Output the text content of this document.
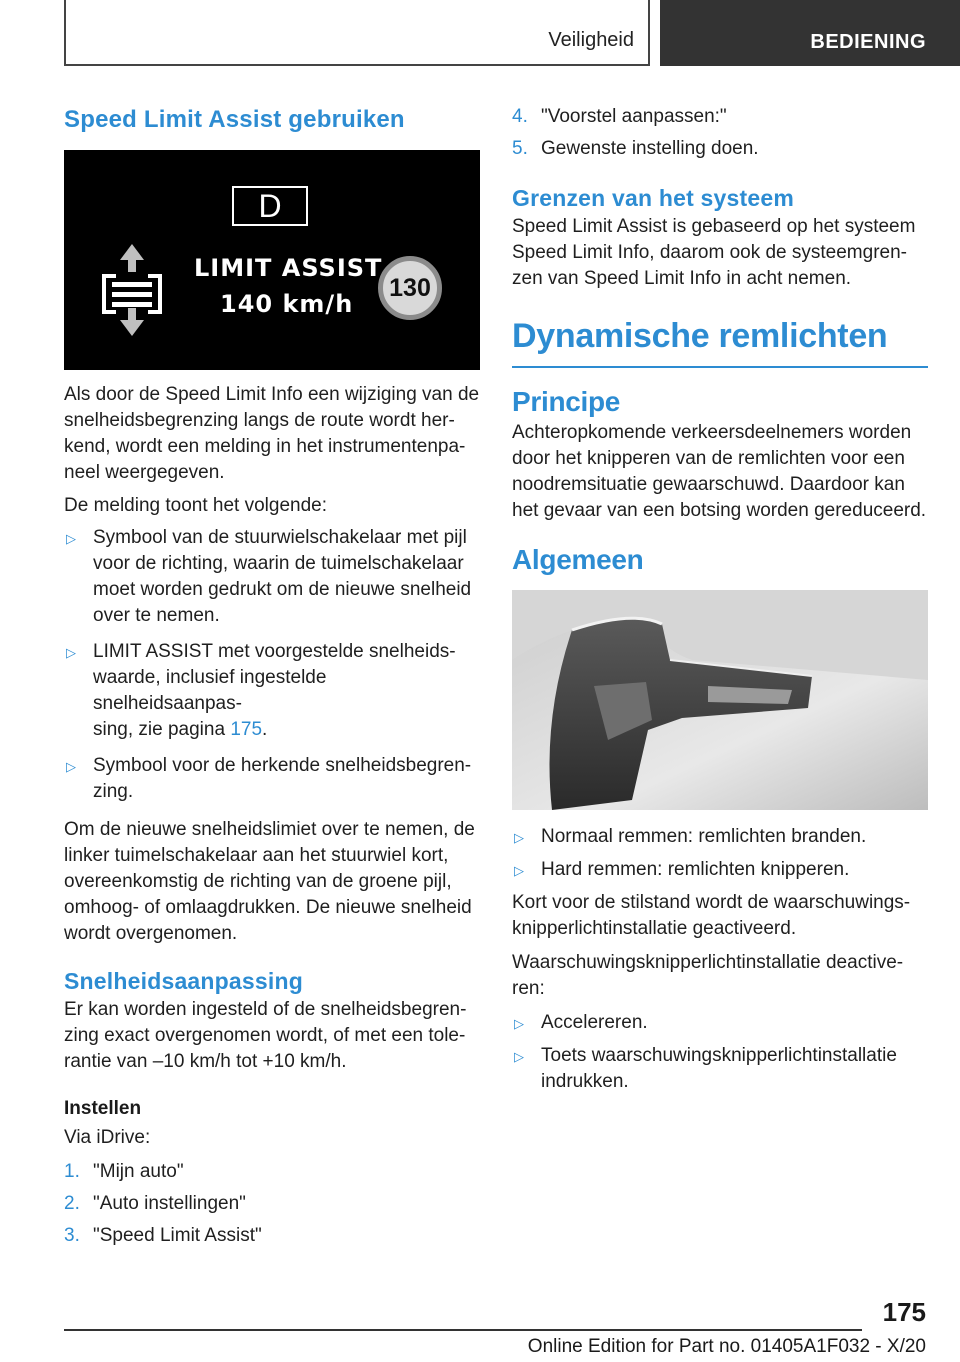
Veiligheid	BEDIENING
Speed Limit Assist gebruiken
D
LIMIT ASSIST
140 km/h
130

Als door de Speed Limit Info een wijziging van de
snelheidsbegrenzing langs de route wordt her-
kend, wordt een melding in het instrumentenpa-
neel weergegeven.

De melding toont het volgende:

▷ Symbool van de stuurwielschakelaar met pijl
voor de richting, waarin de tuimelschakelaar
moet worden gedrukt om de nieuwe snelheid
over te nemen.
▷ LIMIT ASSIST met voorgestelde snelheids-
waarde, inclusief ingestelde snelheidsaanpas-
sing, zie pagina 175.
▷ Symbool voor de herkende snelheidsbegren-
zing.

Om de nieuwe snelheidslimiet over te nemen, de
linker tuimelschakelaar aan het stuurwiel kort,
overeenkomstig de richting van de groene pijl,
omhoog- of omlaagdrukken. De nieuwe snelheid
wordt overgenomen.

Snelheidsaanpassing

Er kan worden ingesteld of de snelheidsbegren-
zing exact overgenomen wordt, of met een tole-
rantie van –10 km/h tot +10 km/h.

Instellen

Via iDrive:

1. "Mijn auto"
2. "Auto instellingen"
3. "Speed Limit Assist"
4. "Voorstel aanpassen:"
5. Gewenste instelling doen.
Grenzen van het systeem

Speed Limit Assist is gebaseerd op het systeem
Speed Limit Info, daarom ook de systeemgren-
zen van Speed Limit Info in acht nemen.

Dynamische remlichten
Principe

Achteropkomende verkeersdeelnemers worden
door het knipperen van de remlichten voor een
noodremsituatie gewaarschuwd. Daardoor kan
het gevaar van een botsing worden gereduceerd.

Algemeen
▷ Normaal remmen: remlichten branden.
▷ Hard remmen: remlichten knipperen.

Kort voor de stilstand wordt de waarschuwings-
knipperlichtinstallatie geactiveerd.

Waarschuwingsknipperlichtinstallatie deactive-
ren:

▷ Accelereren.
▷ Toets waarschuwingsknipperlichtinstallatie
indrukken.
175
Online Edition for Part no. 01405A1F032 - X/20
